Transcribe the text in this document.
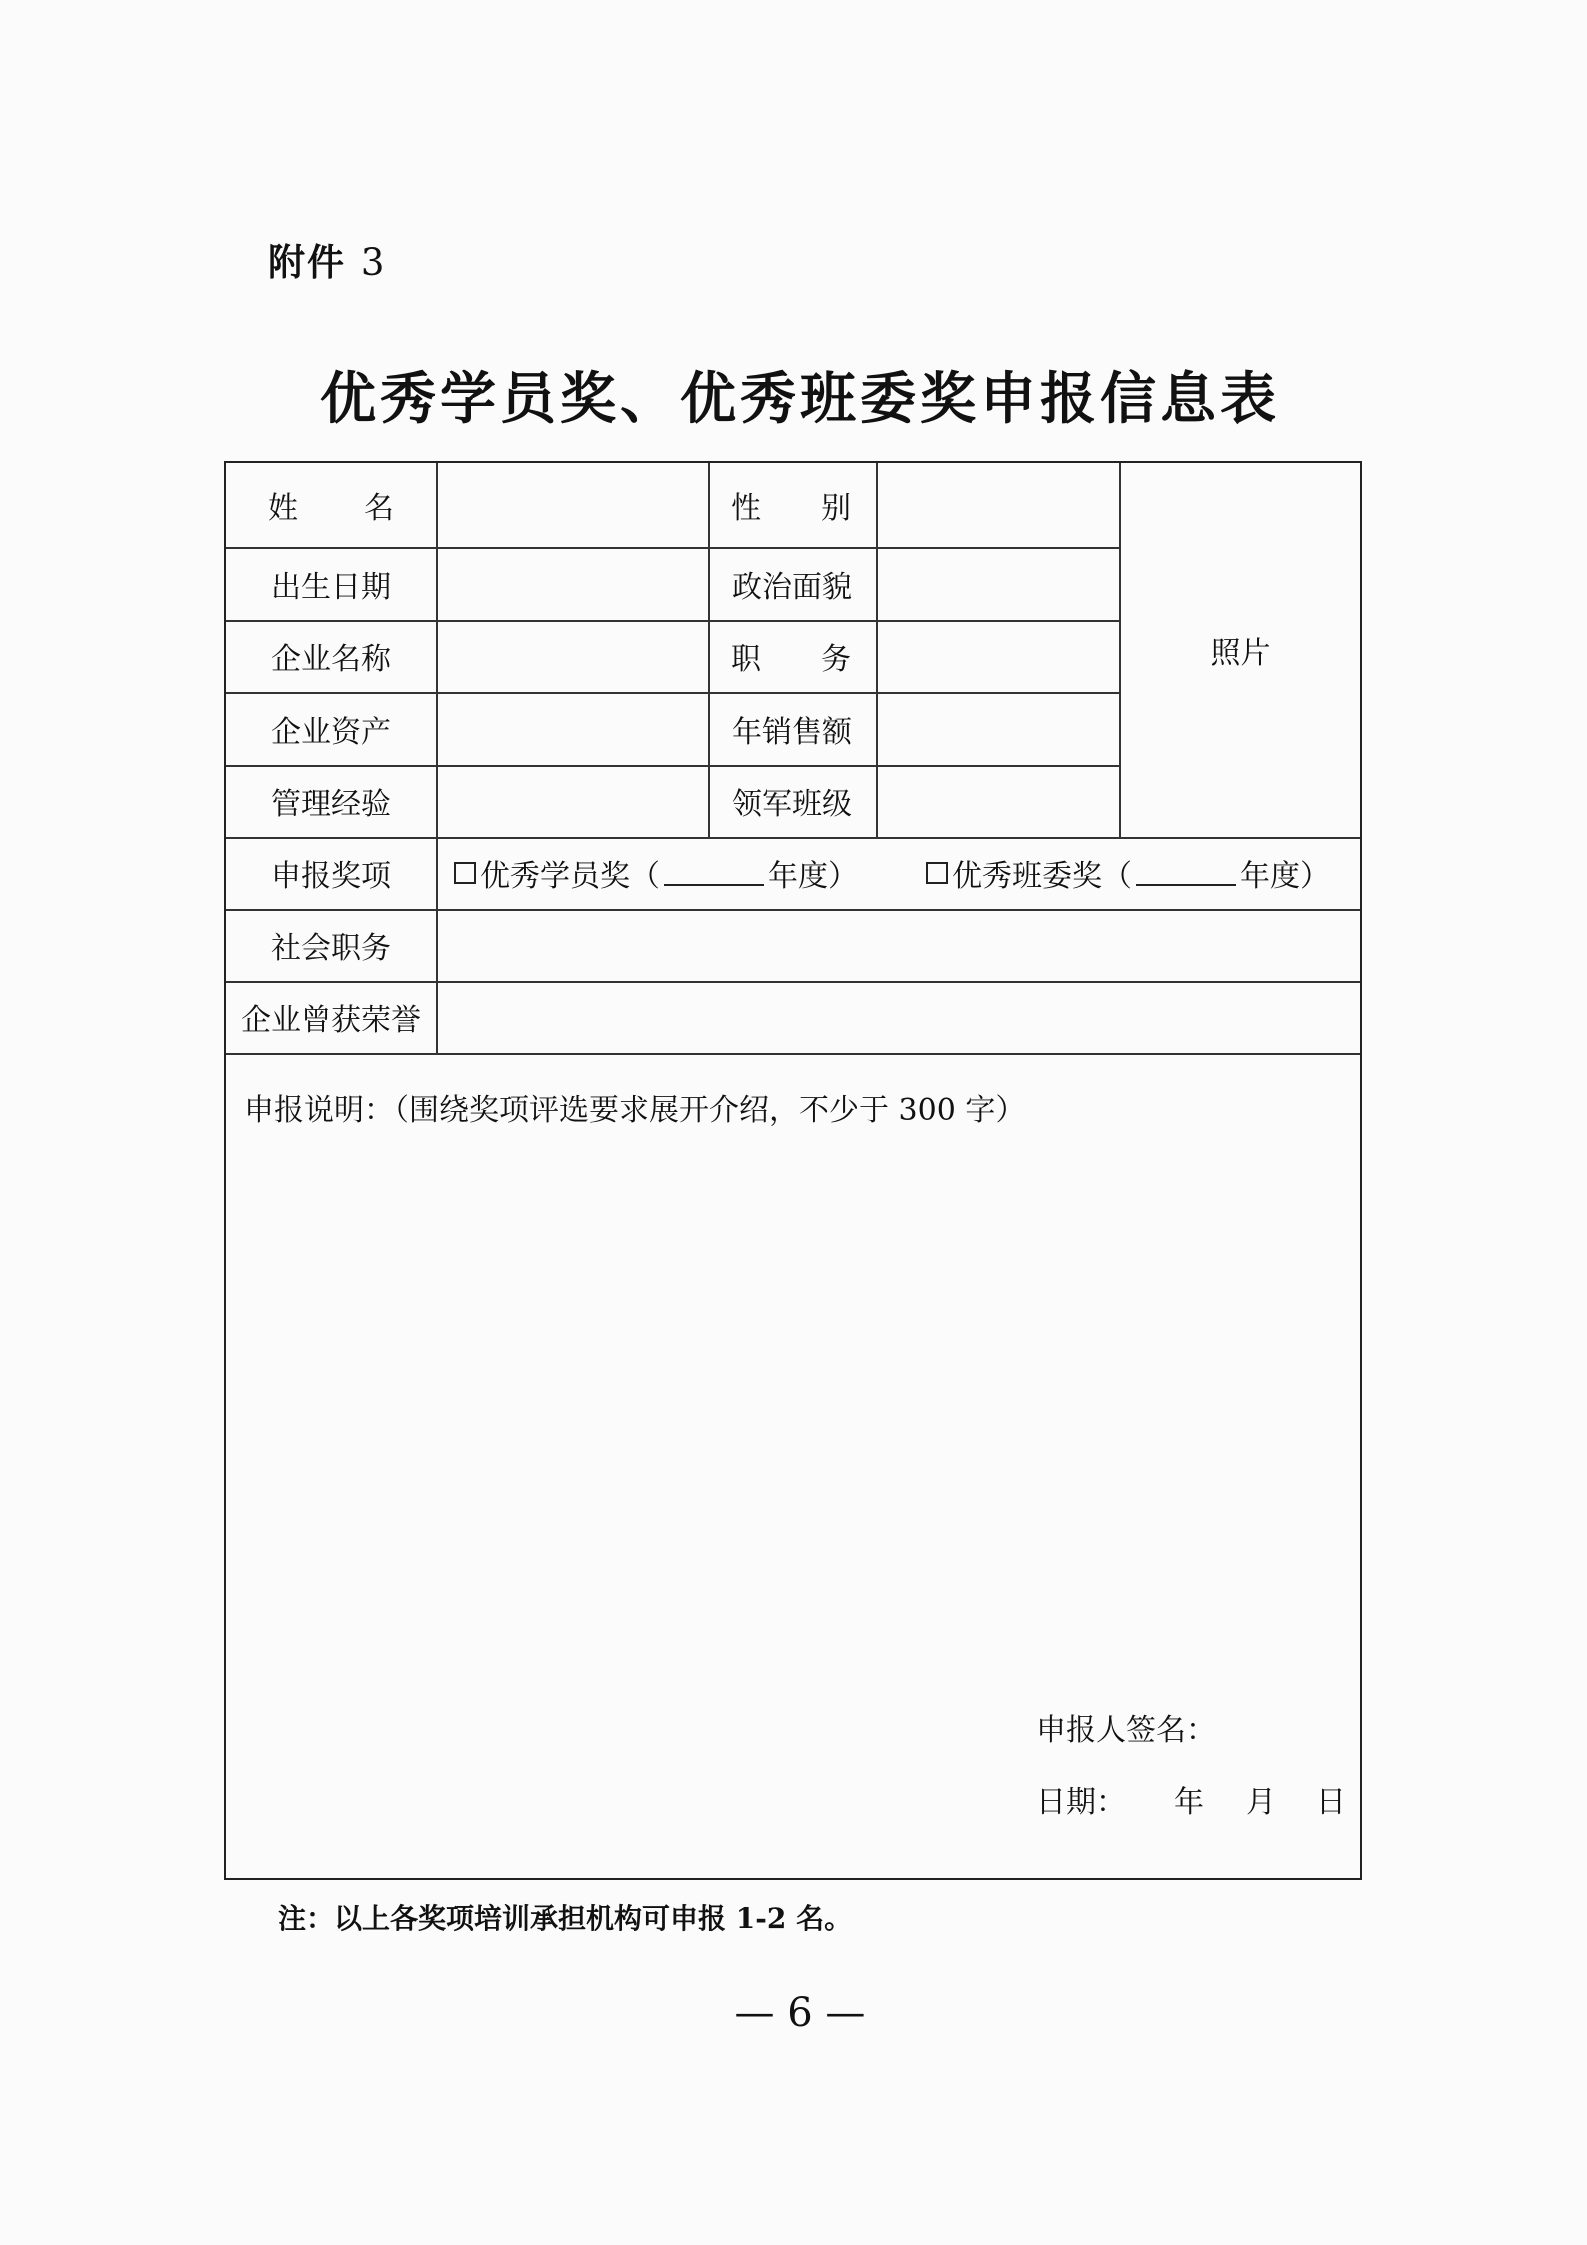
附件 3
优秀学员奖、优秀班委奖申报信息表
姓 名	性 别
出生日期	政治面貌
企业名称	职 务
企业资产	年销售额
管理经验	领军班级
照片
申报奖项	优秀学员奖（	年度）	优秀班委奖（	年度）
社会职务
企业曾获荣誉
申报说明：（围绕奖项评选要求展开介绍，不少于 300 字）
申报人签名：
日期： 年 月 日
注：以上各奖项培训承担机构可申报 1-2 名。
— 6 —
